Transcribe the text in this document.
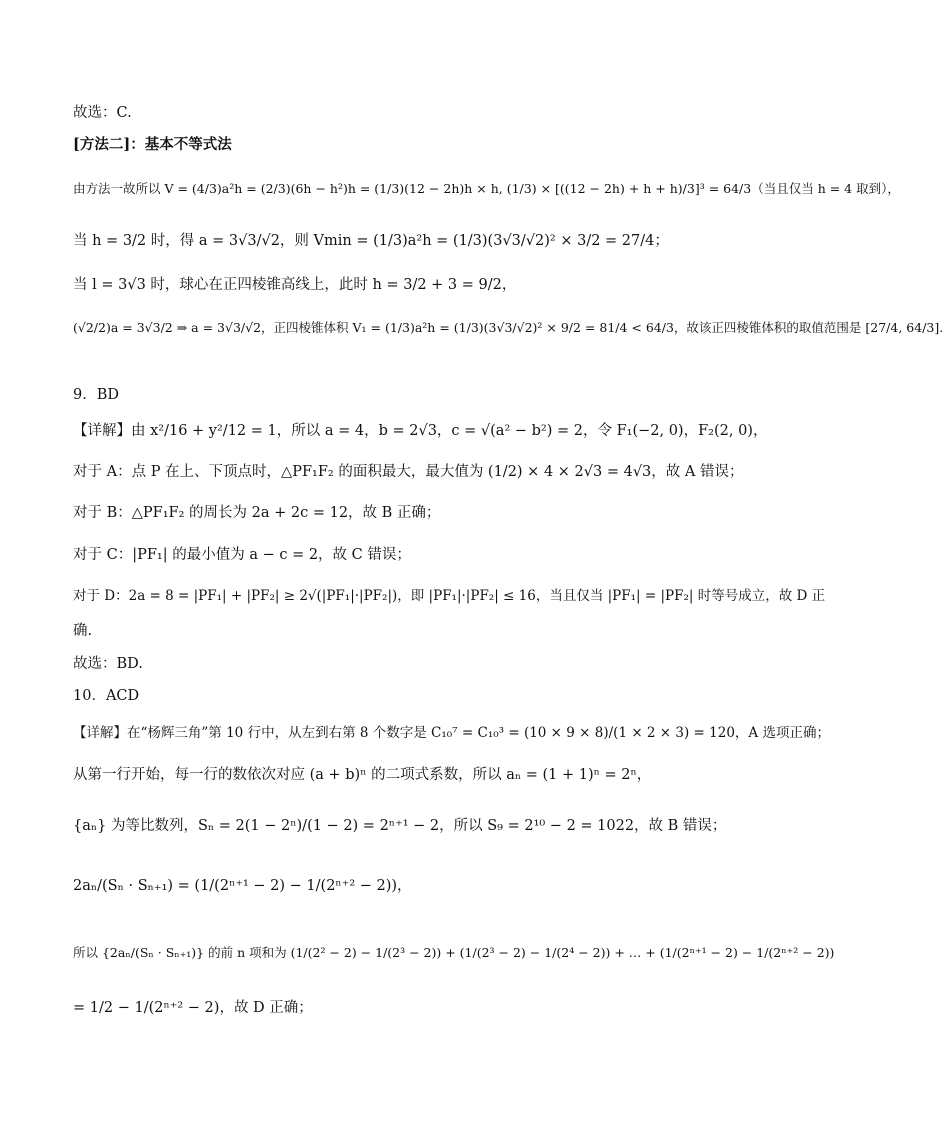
故选：C.
[方法二]：基本不等式法
由方法一故所以 V = (4/3)a²h = (2/3)(6h − h²)h = (1/3)(12 − 2h)h × h, (1/3) × [((12 − 2h) + h + h)/3]³ = 64/3（当且仅当 h = 4 取到），
当 h = 3/2 时，得 a = 3√3/√2，则 Vmin = (1/3)a²h = (1/3)(3√3/√2)² × 3/2 = 27/4；
当 l = 3√3 时，球心在正四棱锥高线上，此时 h = 3/2 + 3 = 9/2，
(√2/2)a = 3√3/2 ⇒ a = 3√3/√2，正四棱锥体积 V₁ = (1/3)a²h = (1/3)(3√3/√2)² × 9/2 = 81/4 < 64/3，故该正四棱锥体积的取值范围是 [27/4, 64/3].
9．BD
【详解】由 x²/16 + y²/12 = 1，所以 a = 4，b = 2√3，c = √(a² − b²) = 2，令 F₁(−2, 0)，F₂(2, 0)，
对于 A：点 P 在上、下顶点时，△PF₁F₂ 的面积最大，最大值为 (1/2) × 4 × 2√3 = 4√3，故 A 错误；
对于 B：△PF₁F₂ 的周长为 2a + 2c = 12，故 B 正确；
对于 C：|PF₁| 的最小值为 a − c = 2，故 C 错误；
对于 D：2a = 8 = |PF₁| + |PF₂| ≥ 2√(|PF₁|·|PF₂|)，即 |PF₁|·|PF₂| ≤ 16，当且仅当 |PF₁| = |PF₂| 时等号成立，故 D 正
确.
故选：BD.
10．ACD
【详解】在“杨辉三角”第 10 行中，从左到右第 8 个数字是 C₁₀⁷ = C₁₀³ = (10 × 9 × 8)/(1 × 2 × 3) = 120，A 选项正确；
从第一行开始，每一行的数依次对应 (a + b)ⁿ 的二项式系数，所以 aₙ = (1 + 1)ⁿ = 2ⁿ，
{aₙ} 为等比数列，Sₙ = 2(1 − 2ⁿ)/(1 − 2) = 2ⁿ⁺¹ − 2，所以 S₉ = 2¹⁰ − 2 = 1022，故 B 错误；
2aₙ/(Sₙ · Sₙ₊₁) = (1/(2ⁿ⁺¹ − 2) − 1/(2ⁿ⁺² − 2))，
所以 {2aₙ/(Sₙ · Sₙ₊₁)} 的前 n 项和为 (1/(2² − 2) − 1/(2³ − 2)) + (1/(2³ − 2) − 1/(2⁴ − 2)) + … + (1/(2ⁿ⁺¹ − 2) − 1/(2ⁿ⁺² − 2))
= 1/2 − 1/(2ⁿ⁺² − 2)，故 D 正确；
